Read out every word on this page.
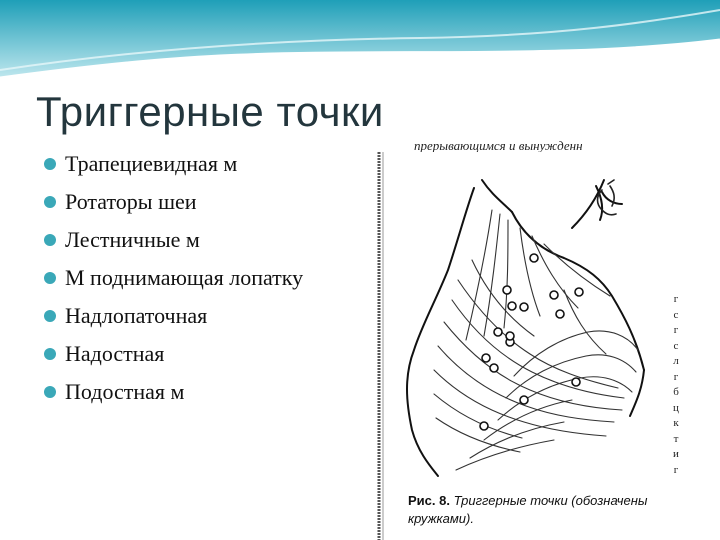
Триггерные точки
Трапециевидная м
Ротаторы шеи
Лестничные м
М поднимающая лопатку
Надлопаточная
Надостная
Подостная м
прерывающимся и вынужденн
г
с
г
с
л
г
б
ц
к
т
и
г
Рис. 8. Триггерные точки (обозначены кружками).
